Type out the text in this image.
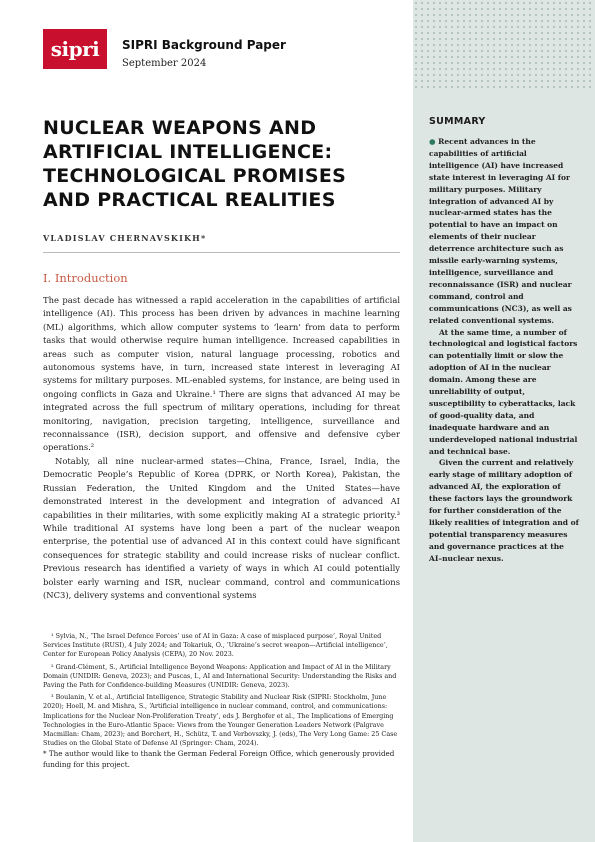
sipri	SIPRI Background Paper
September 2024
NUCLEAR WEAPONS AND
ARTIFICIAL INTELLIGENCE:
TECHNOLOGICAL PROMISES
AND PRACTICAL REALITIES
VLADISLAV CHERNAVSKIKH*
I. Introduction

The past decade has witnessed a rapid acceleration in the capabilities of artificial intelligence (AI). This process has been driven by advances in machine learning (ML) algorithms, which allow computer systems to ‘learn’ from data to perform tasks that would otherwise require human intelligence. Increased capabilities in areas such as computer vision, natural language processing, robotics and autonomous systems have, in turn, increased state interest in leveraging AI systems for military purposes. ML-enabled systems, for instance, are being used in ongoing conflicts in Gaza and Ukraine.¹ There are signs that advanced AI may be integrated across the full spectrum of military operations, including for threat monitoring, navigation, precision targeting, intelligence, surveillance and reconnaissance (ISR), decision support, and offensive and defensive cyber operations.²

Notably, all nine nuclear-armed states—China, France, Israel, India, the Democratic People’s Republic of Korea (DPRK, or North Korea), Pakistan, the Russian Federation, the United Kingdom and the United States—have demonstrated interest in the development and integration of advanced AI capabilities in their militaries, with some explicitly making AI a strategic priority.³ While traditional AI systems have long been a part of the nuclear weapon enterprise, the potential use of advanced AI in this context could have significant consequences for strategic stability and could increase risks of nuclear conflict. Previous research has identified a variety of ways in which AI could potentially bolster early warning and ISR, nuclear command, control and communications (NC3), delivery systems and conventional systems

¹ Sylvia, N., ‘The Israel Defence Forces’ use of AI in Gaza: A case of misplaced purpose’, Royal United Services Institute (RUSI), 4 July 2024; and Tokariuk, O., ‘Ukraine’s secret weapon—Artificial intelligence’, Center for European Policy Analysis (CEPA), 20 Nov. 2023.

² Grand-Clément, S., Artificial Intelligence Beyond Weapons: Application and Impact of AI in the Military Domain (UNIDIR: Geneva, 2023); and Puscas, I., AI and International Security: Understanding the Risks and Paving the Path for Confidence-building Measures (UNIDIR: Geneva, 2023).

³ Boulanin, V. et al., Artificial Intelligence, Strategic Stability and Nuclear Risk (SIPRI: Stockholm, June 2020); Hoell, M. and Mishra, S., ‘Artificial intelligence in nuclear command, control, and communications: Implications for the Nuclear Non-Proliferation Treaty’, eds J. Berghofer et al., The Implications of Emerging Technologies in the Euro-Atlantic Space: Views from the Younger Generation Leaders Network (Palgrave Macmillan: Cham, 2023); and Borchert, H., Schütz, T. and Verbovszky, J. (eds), The Very Long Game: 25 Case Studies on the Global State of Defense AI (Springer: Cham, 2024).

* The author would like to thank the German Federal Foreign Office, which generously provided funding for this project.
SUMMARY

● Recent advances in the capabilities of artificial intelligence (AI) have increased state interest in leveraging AI for military purposes. Military integration of advanced AI by nuclear-armed states has the potential to have an impact on elements of their nuclear deterrence architecture such as missile early-warning systems, intelligence, surveillance and reconnaissance (ISR) and nuclear command, control and communications (NC3), as well as related conventional systems.

At the same time, a number of technological and logistical factors can potentially limit or slow the adoption of AI in the nuclear domain. Among these are unreliability of output, susceptibility to cyberattacks, lack of good-quality data, and inadequate hardware and an underdeveloped national industrial and technical base.

Given the current and relatively early stage of military adoption of advanced AI, the exploration of these factors lays the groundwork for further consideration of the likely realities of integration and of potential transparency measures and governance practices at the AI–nuclear nexus.
